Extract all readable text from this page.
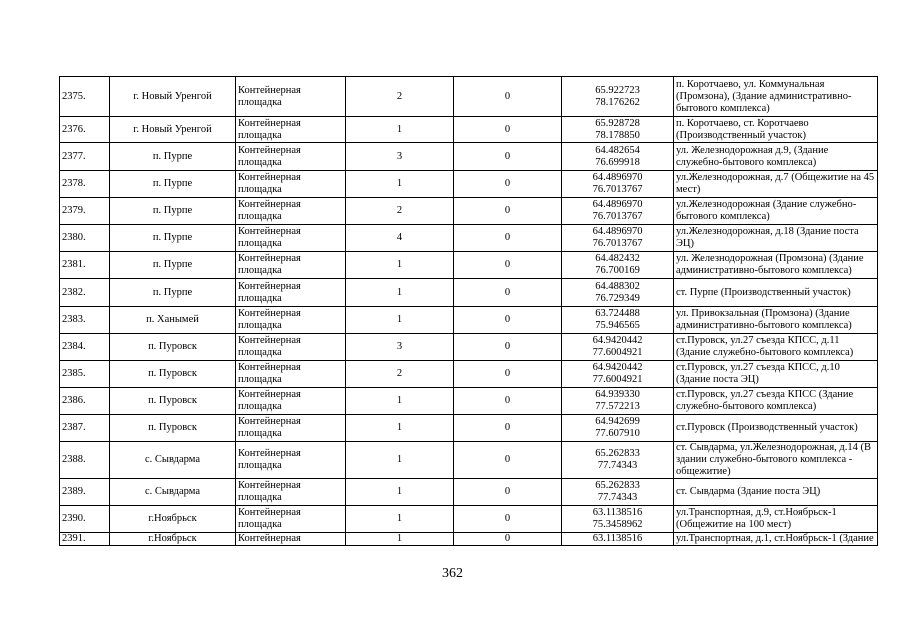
2375.	г. Новый Уренгой	Контейнерная площадка	2	0	65.922723
78.176262	п. Коротчаево, ул. Коммунальная (Промзона), (Здание административно-бытового комплекса)
2376.	г. Новый Уренгой	Контейнерная площадка	1	0	65.928728
78.178850	п. Коротчаево, ст. Коротчаево (Производственный участок)
2377.	п. Пурпе	Контейнерная площадка	3	0	64.482654
76.699918	ул. Железнодорожная д.9, (Здание служебно-бытового комплекса)
2378.	п. Пурпе	Контейнерная площадка	1	0	64.4896970
76.7013767	ул.Железнодорожная, д.7 (Общежитие на 45 мест)
2379.	п. Пурпе	Контейнерная площадка	2	0	64.4896970
76.7013767	ул.Железнодорожная (Здание служебно-бытового комплекса)
2380.	п. Пурпе	Контейнерная площадка	4	0	64.4896970
76.7013767	ул.Железнодорожная, д.18 (Здание поста ЭЦ)
2381.	п. Пурпе	Контейнерная площадка	1	0	64.482432
76.700169	ул. Железнодорожная (Промзона) (Здание административно-бытового комплекса)
2382.	п. Пурпе	Контейнерная площадка	1	0	64.488302
76.729349	ст. Пурпе (Производственный участок)
2383.	п. Ханымей	Контейнерная площадка	1	0	63.724488
75.946565	ул. Привокзальная (Промзона) (Здание административно-бытового комплекса)
2384.	п. Пуровск	Контейнерная площадка	3	0	64.9420442
77.6004921	ст.Пуровск, ул.27 съезда КПСС, д.11 (Здание служебно-бытового комплекса)
2385.	п. Пуровск	Контейнерная площадка	2	0	64.9420442
77.6004921	ст.Пуровск, ул.27 съезда КПСС, д.10 (Здание поста ЭЦ)
2386.	п. Пуровск	Контейнерная площадка	1	0	64.939330
77.572213	ст.Пуровск, ул.27 съезда КПСС (Здание служебно-бытового комплекса)
2387.	п. Пуровск	Контейнерная площадка	1	0	64.942699
77.607910	ст.Пуровск (Производственный участок)
2388.	с. Сывдарма	Контейнерная площадка	1	0	65.262833
77.74343	ст. Сывдарма, ул.Железнодорожная, д.14 (В здании служебно-бытового комплекса - общежитие)
2389.	с. Сывдарма	Контейнерная площадка	1	0	65.262833
77.74343	ст. Сывдарма (Здание поста ЭЦ)
2390.	г.Ноябрьск	Контейнерная площадка	1	0	63.1138516
75.3458962	ул.Транспортная, д.9, ст.Ноябрьск-1 (Общежитие на 100 мест)
2391.	г.Ноябрьск	Контейнерная	1	0	63.1138516	ул.Транспортная, д.1, ст.Ноябрьск-1 (Здание
362
